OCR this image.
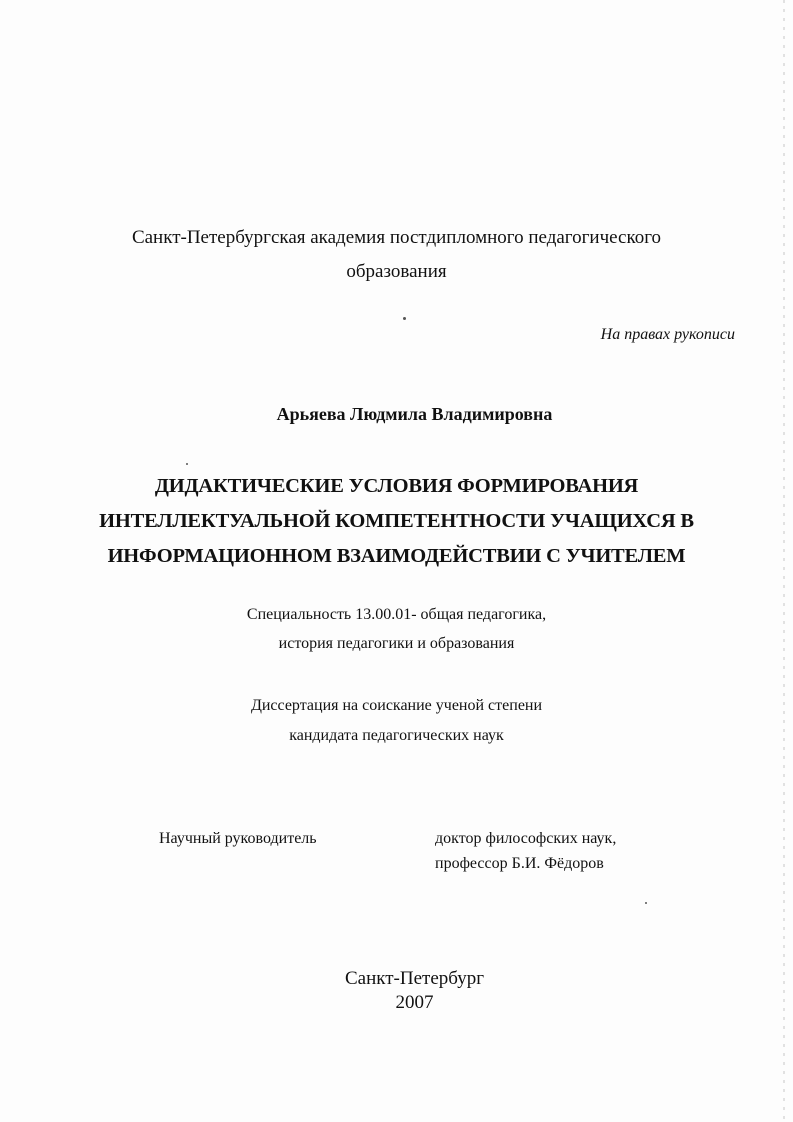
Санкт-Петербургская академия постдипломного педагогического
образования
На правах рукописи
Арьяева Людмила Владимировна
ДИДАКТИЧЕСКИЕ УСЛОВИЯ ФОРМИРОВАНИЯ
ИНТЕЛЛЕКТУАЛЬНОЙ КОМПЕТЕНТНОСТИ УЧАЩИХСЯ В
ИНФОРМАЦИОННОМ ВЗАИМОДЕЙСТВИИ С УЧИТЕЛЕМ
Специальность 13.00.01- общая педагогика,
история педагогики и образования
Диссертация на соискание ученой степени
кандидата педагогических наук
Научный руководитель	доктор философских наук,
профессор Б.И. Фёдоров
Санкт-Петербург
2007
